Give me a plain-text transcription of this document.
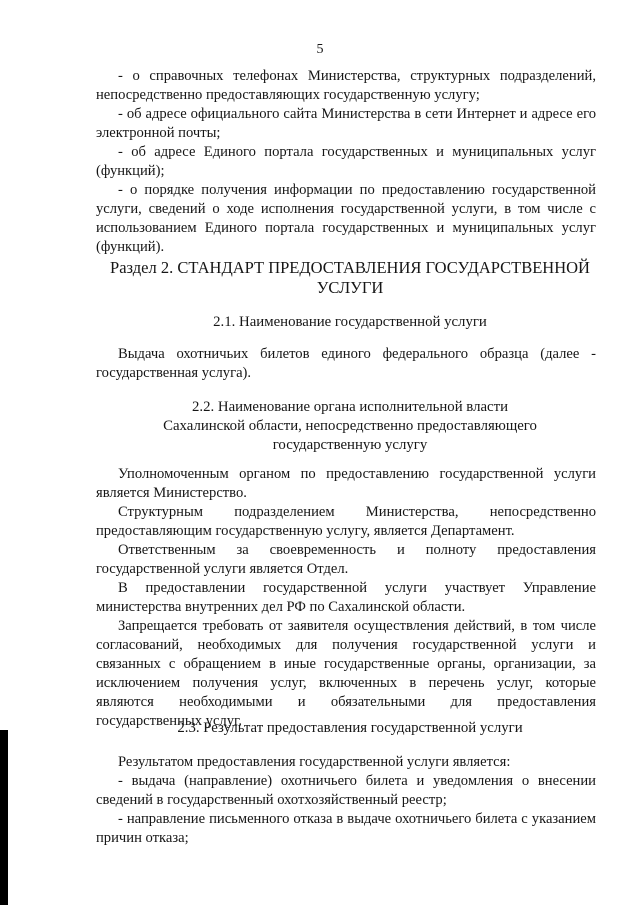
5

- о справочных телефонах Министерства, структурных подразделений, непосредственно предоставляющих государственную услугу;

- об адресе официального сайта Министерства в сети Интернет и адресе его электронной почты;

- об адресе Единого портала государственных и муниципальных услуг (функций);

- о порядке получения информации по предоставлению государственной услуги, сведений о ходе исполнения государственной услуги, в том числе с использованием Единого портала государственных и муниципальных услуг (функций).

Раздел 2. СТАНДАРТ ПРЕДОСТАВЛЕНИЯ ГОСУДАРСТВЕННОЙ
УСЛУГИ
2.1. Наименование государственной услуги

Выдача охотничьих билетов единого федерального образца (далее - государственная услуга).

2.2. Наименование органа исполнительной власти
Сахалинской области, непосредственно предоставляющего
государственную услугу

Уполномоченным органом по предоставлению государственной услуги является Министерство.

Структурным подразделением Министерства, непосредственно предоставляющим государственную услугу, является Департамент.

Ответственным за своевременность и полноту предоставления государственной услуги является Отдел.

В предоставлении государственной услуги участвует Управление министерства внутренних дел РФ по Сахалинской области.

Запрещается требовать от заявителя осуществления действий, в том числе согласований, необходимых для получения государственной услуги и связанных с обращением в иные государственные органы, организации, за исключением получения услуг, включенных в перечень услуг, которые являются необходимыми и обязательными для предоставления государственных услуг.

2.3. Результат предоставления государственной услуги

Результатом предоставления государственной услуги является:

- выдача (направление) охотничьего билета и уведомления о внесении сведений в государственный охотхозяйственный реестр;

- направление письменного отказа в выдаче охотничьего билета с указанием причин отказа;
